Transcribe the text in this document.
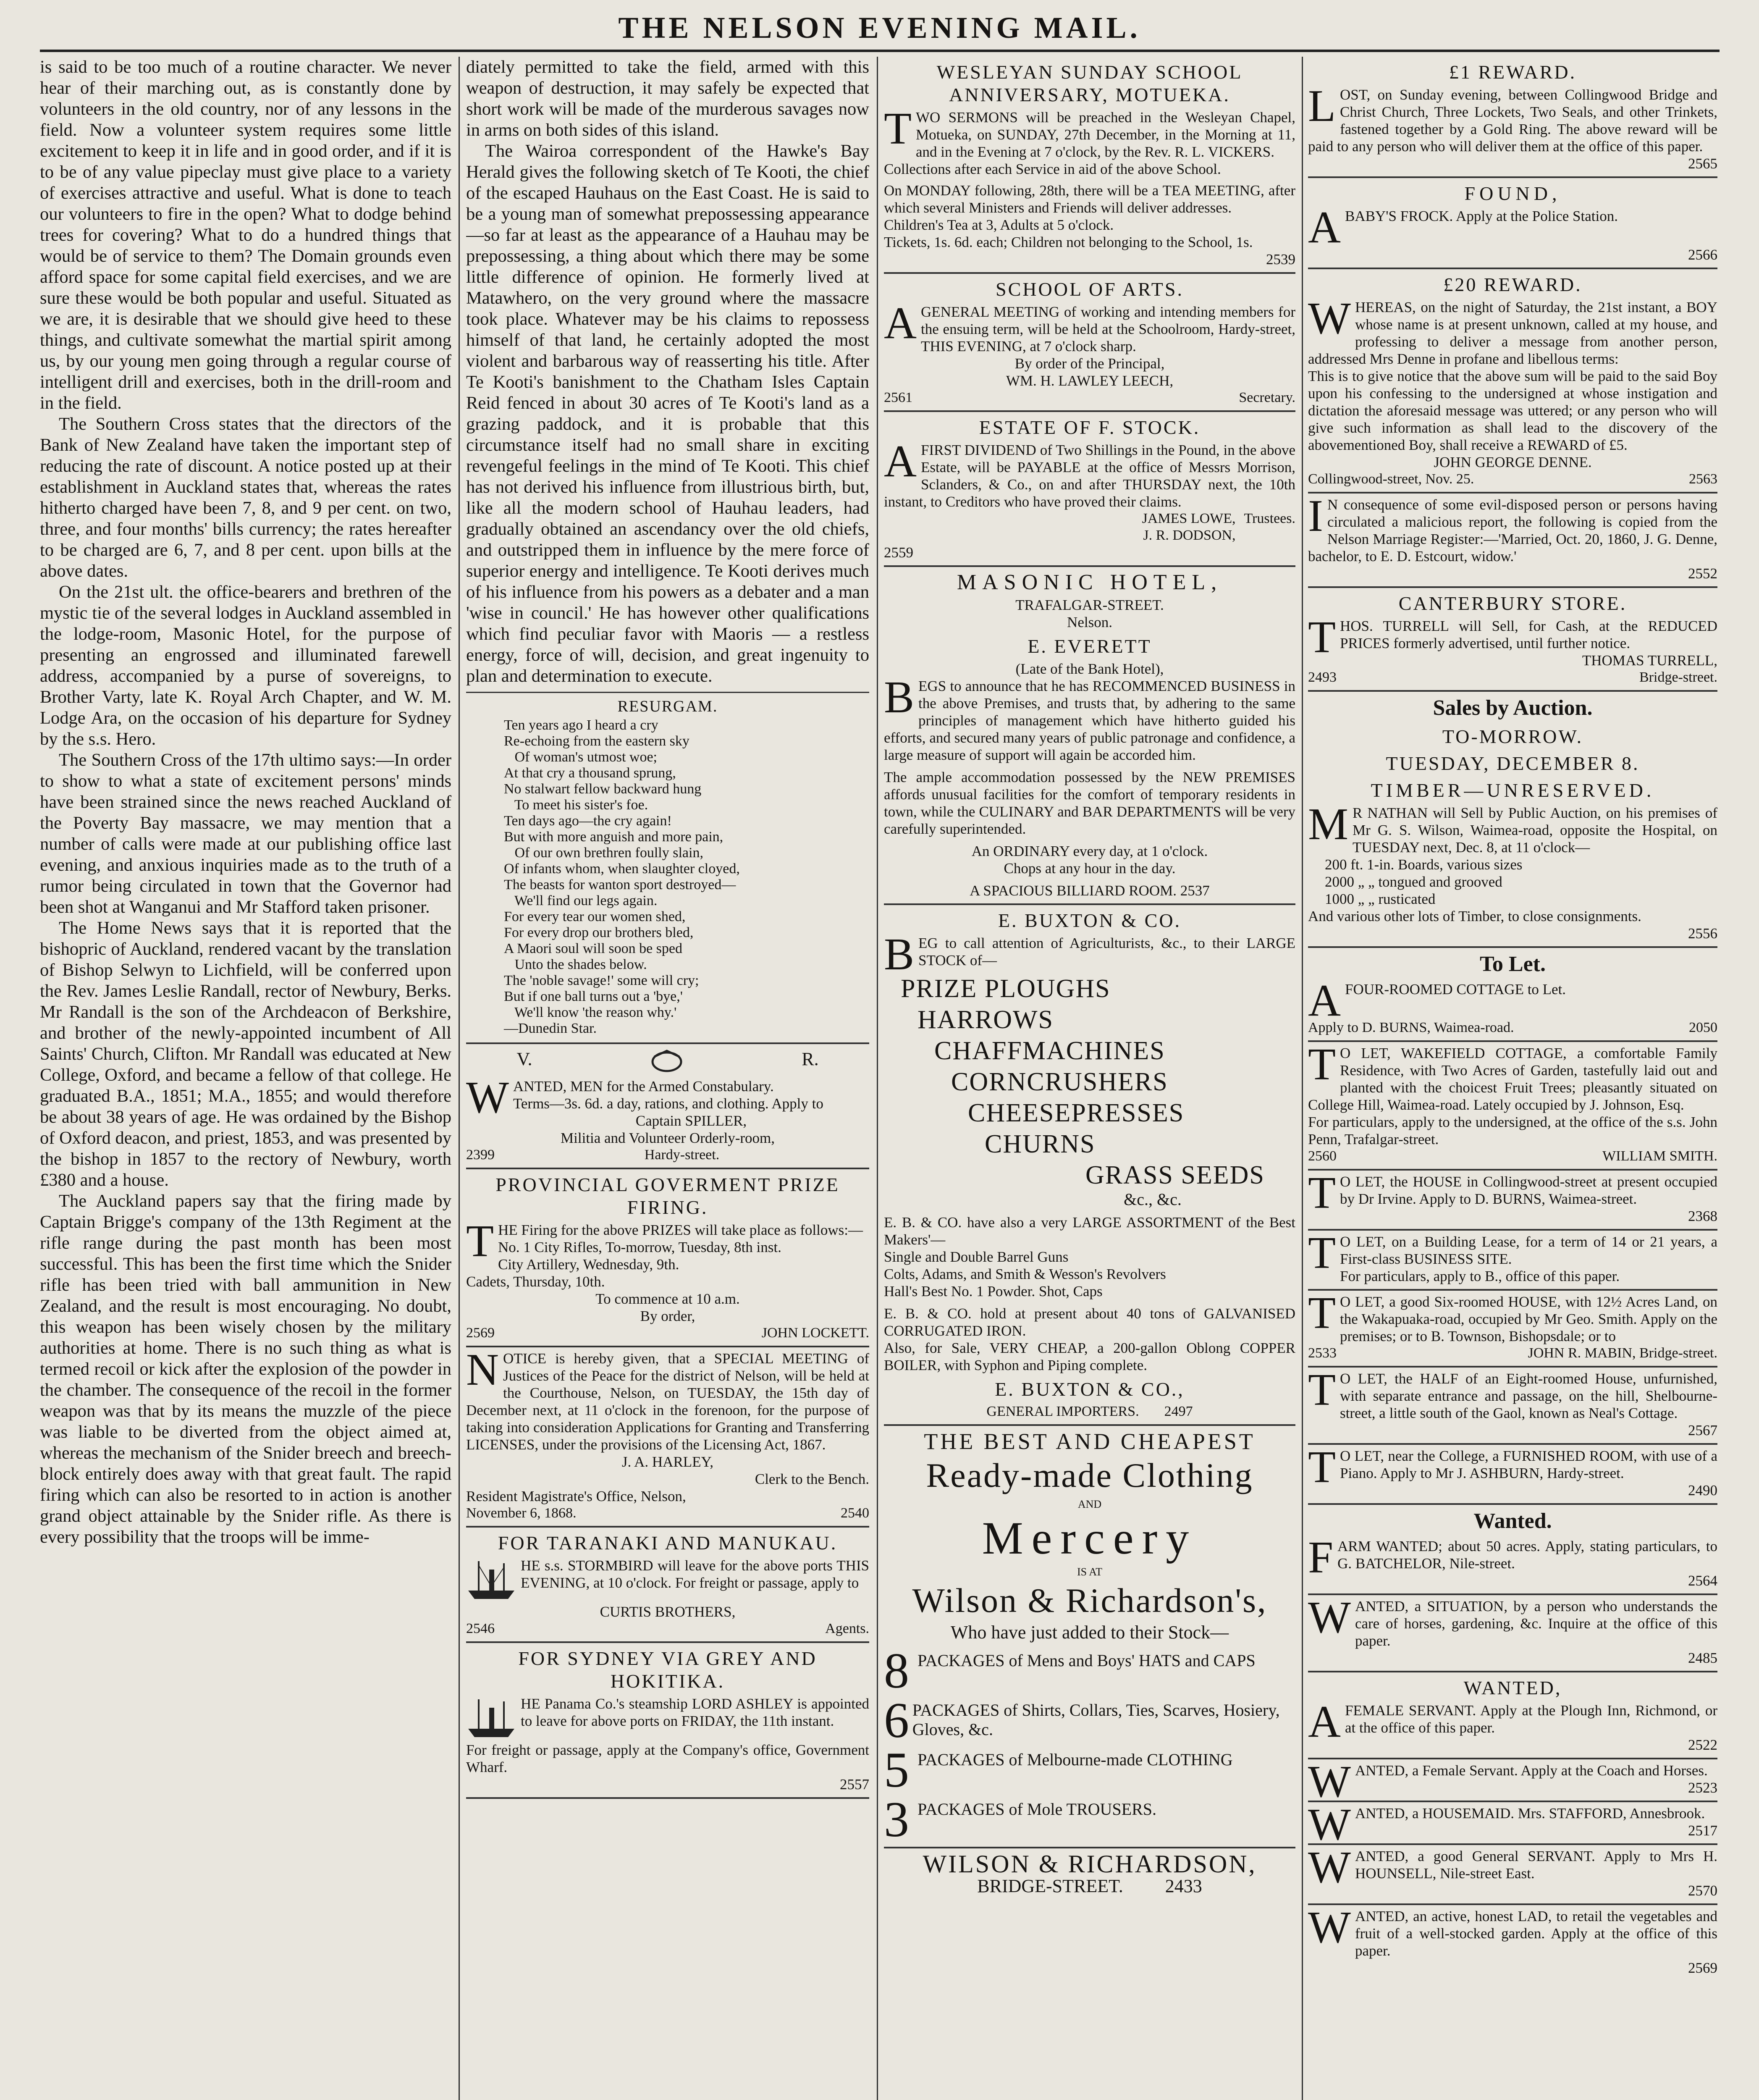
THE NELSON EVENING MAIL.

is said to be too much of a routine character. We never hear of their marching out, as is constantly done by volunteers in the old country, nor of any lessons in the field. Now a volunteer system requires some little excitement to keep it in life and in good order, and if it is to be of any value pipeclay must give place to a variety of exercises attractive and useful. What is done to teach our volunteers to fire in the open? What to dodge behind trees for covering? What to do a hundred things that would be of service to them? The Domain grounds even afford space for some capital field exercises, and we are sure these would be both popular and useful. Situated as we are, it is desirable that we should give heed to these things, and cultivate somewhat the martial spirit among us, by our young men going through a regular course of intelligent drill and exercises, both in the drill-room and in the field.

The Southern Cross states that the directors of the Bank of New Zealand have taken the important step of reducing the rate of discount. A notice posted up at their establishment in Auckland states that, whereas the rates hitherto charged have been 7, 8, and 9 per cent. on two, three, and four months' bills currency; the rates hereafter to be charged are 6, 7, and 8 per cent. upon bills at the above dates.

On the 21st ult. the office-bearers and brethren of the mystic tie of the several lodges in Auckland assembled in the lodge-room, Masonic Hotel, for the purpose of presenting an engrossed and illuminated farewell address, accompanied by a purse of sovereigns, to Brother Varty, late K. Royal Arch Chapter, and W. M. Lodge Ara, on the occasion of his departure for Sydney by the s.s. Hero.

The Southern Cross of the 17th ultimo says:—In order to show to what a state of excitement persons' minds have been strained since the news reached Auckland of the Poverty Bay massacre, we may mention that a number of calls were made at our publishing office last evening, and anxious inquiries made as to the truth of a rumor being circulated in town that the Governor had been shot at Wanganui and Mr Stafford taken prisoner.

The Home News says that it is reported that the bishopric of Auckland, rendered vacant by the translation of Bishop Selwyn to Lichfield, will be conferred upon the Rev. James Leslie Randall, rector of Newbury, Berks. Mr Randall is the son of the Archdeacon of Berkshire, and brother of the newly-appointed incumbent of All Saints' Church, Clifton. Mr Randall was educated at New College, Oxford, and became a fellow of that college. He graduated B.A., 1851; M.A., 1855; and would therefore be about 38 years of age. He was ordained by the Bishop of Oxford deacon, and priest, 1853, and was presented by the bishop in 1857 to the rectory of Newbury, worth £380 and a house.

The Auckland papers say that the firing made by Captain Brigge's company of the 13th Regiment at the rifle range during the past month has been most successful. This has been the first time which the Snider rifle has been tried with ball ammunition in New Zealand, and the result is most encouraging. No doubt, this weapon has been wisely chosen by the military authorities at home. There is no such thing as what is termed recoil or kick after the explosion of the powder in the chamber. The consequence of the recoil in the former weapon was that by its means the muzzle of the piece was liable to be diverted from the object aimed at, whereas the mechanism of the Snider breech and breech-block entirely does away with that great fault. The rapid firing which can also be resorted to in action is another grand object attainable by the Snider rifle. As there is every possibility that the troops will be imme-

diately permitted to take the field, armed with this weapon of destruction, it may safely be expected that short work will be made of the murderous savages now in arms on both sides of this island.

The Wairoa correspondent of the Hawke's Bay Herald gives the following sketch of Te Kooti, the chief of the escaped Hauhaus on the East Coast. He is said to be a young man of somewhat prepossessing appearance—so far at least as the appearance of a Hauhau may be prepossessing, a thing about which there may be some little difference of opinion. He formerly lived at Matawhero, on the very ground where the massacre took place. Whatever may be his claims to repossess himself of that land, he certainly adopted the most violent and barbarous way of reasserting his title. After Te Kooti's banishment to the Chatham Isles Captain Reid fenced in about 30 acres of Te Kooti's land as a grazing paddock, and it is probable that this circumstance itself had no small share in exciting revengeful feelings in the mind of Te Kooti. This chief has not derived his influence from illustrious birth, but, like all the modern school of Hauhau leaders, had gradually obtained an ascendancy over the old chiefs, and outstripped them in influence by the mere force of superior energy and intelligence. Te Kooti derives much of his influence from his powers as a debater and a man 'wise in council.' He has however other qualifications which find peculiar favor with Maoris — a restless energy, force of will, decision, and great ingenuity to plan and determination to execute.

RESURGAM.
Ten years ago I heard a cry
Re-echoing from the eastern sky
Of woman's utmost woe;
At that cry a thousand sprung,
No stalwart fellow backward hung
To meet his sister's foe.
Ten days ago—the cry again!
But with more anguish and more pain,
Of our own brethren foully slain,
Of infants whom, when slaughter cloyed,
The beasts for wanton sport destroyed—
We'll find our legs again.
For every tear our women shed,
For every drop our brothers bled,
A Maori soul will soon be sped
Unto the shades below.
The 'noble savage!' some will cry;
But if one ball turns out a 'bye,'
We'll know 'the reason why.'
—Dunedin Star.
V.	R.

WANTED, MEN for the Armed Constabulary.

Terms—3s. 6d. a day, rations, and clothing. Apply to

Captain SPILLER,

Militia and Volunteer Orderly-room,

2399	Hardy-street.
PROVINCIAL GOVERMENT PRIZE FIRING.

THE Firing for the above PRIZES will take place as follows:—

No. 1 City Rifles, To-morrow, Tuesday, 8th inst.

City Artillery, Wednesday, 9th.

Cadets, Thursday, 10th.

To commence at 10 a.m.

By order,

2569	JOHN LOCKETT.

NOTICE is hereby given, that a SPECIAL MEETING of Justices of the Peace for the district of Nelson, will be held at the Courthouse, Nelson, on TUESDAY, the 15th day of December next, at 11 o'clock in the forenoon, for the purpose of taking into consideration Applications for Granting and Transferring LICENSES, under the provisions of the Licensing Act, 1867.

J. A. HARLEY,

Clerk to the Bench.

Resident Magistrate's Office, Nelson,

November 6, 1868.	2540
FOR TARANAKI AND MANUKAU.

HE s.s. STORMBIRD will leave for the above ports THIS EVENING, at 10 o'clock. For freight or passage, apply to

CURTIS BROTHERS,

2546	Agents.
FOR SYDNEY VIA GREY AND HOKITIKA.

HE Panama Co.'s steamship LORD ASHLEY is appointed to leave for above ports on FRIDAY, the 11th instant.

For freight or passage, apply at the Company's office, Government Wharf.

2557

WESLEYAN SUNDAY SCHOOL ANNIVERSARY, MOTUEKA.

TWO SERMONS will be preached in the Wesleyan Chapel, Motueka, on SUNDAY, 27th December, in the Morning at 11, and in the Evening at 7 o'clock, by the Rev. R. L. VICKERS.

Collections after each Service in aid of the above School.

On MONDAY following, 28th, there will be a TEA MEETING, after which several Ministers and Friends will deliver addresses.

Children's Tea at 3, Adults at 5 o'clock.

Tickets, 1s. 6d. each; Children not belonging to the School, 1s.

2539

SCHOOL OF ARTS.

AGENERAL MEETING of working and intending members for the ensuing term, will be held at the Schoolroom, Hardy-street, THIS EVENING, at 7 o'clock sharp.

By order of the Principal,

WM. H. LAWLEY LEECH,

2561	Secretary.
ESTATE OF F. STOCK.

AFIRST DIVIDEND of Two Shillings in the Pound, in the above Estate, will be PAYABLE at the office of Messrs Morrison, Sclanders, & Co., on and after THURSDAY next, the 10th instant, to Creditors who have proved their claims.

JAMES LOWE,
J. R. DODSON,
Trustees.

2559

MASONIC HOTEL,

TRAFALGAR-STREET.

Nelson.

E. EVERETT

(Late of the Bank Hotel),

BEGS to announce that he has RECOMMENCED BUSINESS in the above Premises, and trusts that, by adhering to the same principles of management which have hitherto guided his efforts, and secured many years of public patronage and confidence, a large measure of support will again be accorded him.

The ample accommodation possessed by the NEW PREMISES affords unusual facilities for the comfort of temporary residents in town, while the CULINARY and BAR DEPARTMENTS will be very carefully superintended.

An ORDINARY every day, at 1 o'clock.

Chops at any hour in the day.

A SPACIOUS BILLIARD ROOM. 2537

E. BUXTON & CO.

BEG to call attention of Agriculturists, &c., to their LARGE STOCK of—

PRIZE PLOUGHS
HARROWS
CHAFFMACHINES
CORNCRUSHERS
CHEESEPRESSES
CHURNS
GRASS SEEDS
&c., &c.

E. B. & CO. have also a very LARGE ASSORTMENT of the Best Makers'—

Single and Double Barrel Guns

Colts, Adams, and Smith & Wesson's Revolvers

Hall's Best No. 1 Powder. Shot, Caps

E. B. & CO. hold at present about 40 tons of GALVANISED CORRUGATED IRON.

Also, for Sale, VERY CHEAP, a 200-gallon Oblong COPPER BOILER, with Syphon and Piping complete.

E. BUXTON & CO.,
GENERAL IMPORTERS. 2497
THE BEST AND CHEAPEST
Ready-made Clothing

AND

Mercery

IS AT

Wilson & Richardson's,

Who have just added to their Stock—

8 PACKAGES of Mens and Boys' HATS and CAPS
6 PACKAGES of Shirts, Collars, Ties, Scarves, Hosiery, Gloves, &c.
5 PACKAGES of Melbourne-made CLOTHING
3 PACKAGES of Mole TROUSERS.
WILSON & RICHARDSON,
BRIDGE-STREET. 2433
£1 REWARD.

LOST, on Sunday evening, between Collingwood Bridge and Christ Church, Three Lockets, Two Seals, and other Trinkets, fastened together by a Gold Ring. The above reward will be paid to any person who will deliver them at the office of this paper.

2565

FOUND,

ABABY'S FROCK. Apply at the Police Station.

2566

£20 REWARD.

WHEREAS, on the night of Saturday, the 21st instant, a BOY whose name is at present unknown, called at my house, and professing to deliver a message from another person, addressed Mrs Denne in profane and libellous terms:

This is to give notice that the above sum will be paid to the said Boy upon his confessing to the undersigned at whose instigation and dictation the aforesaid message was uttered; or any person who will give such information as shall lead to the discovery of the abovementioned Boy, shall receive a REWARD of £5.

JOHN GEORGE DENNE.

Collingwood-street, Nov. 25.	2563

I N consequence of some evil-disposed person or persons having circulated a malicious report, the following is copied from the Nelson Marriage Register:—'Married, Oct. 20, 1860, J. G. Denne, bachelor, to E. D. Estcourt, widow.'

2552

CANTERBURY STORE.

THOS. TURRELL will Sell, for Cash, at the REDUCED PRICES formerly advertised, until further notice.

THOMAS TURRELL,

2493	Bridge-street.
Sales by Auction.
TO-MORROW.
TUESDAY, DECEMBER 8.
TIMBER—UNRESERVED.

M R NATHAN will Sell by Public Auction, on his premises of Mr G. S. Wilson, Waimea-road, opposite the Hospital, on TUESDAY next, Dec. 8, at 11 o'clock—

200 ft. 1-in. Boards, various sizes

2000 „ „ tongued and grooved

1000 „ „ rusticated

And various other lots of Timber, to close consignments.

2556

To Let.

AFOUR-ROOMED COTTAGE to Let.

Apply to D. BURNS, Waimea-road.	2050

T O LET, WAKEFIELD COTTAGE, a comfortable Family Residence, with Two Acres of Garden, tastefully laid out and planted with the choicest Fruit Trees; pleasantly situated on College Hill, Waimea-road. Lately occupied by J. Johnson, Esq.

For particulars, apply to the undersigned, at the office of the s.s. John Penn, Trafalgar-street.

2560	WILLIAM SMITH.

T O LET, the HOUSE in Collingwood-street at present occupied by Dr Irvine. Apply to D. BURNS, Waimea-street.

2368

T O LET, on a Building Lease, for a term of 14 or 21 years, a First-class BUSINESS SITE.

For particulars, apply to B., office of this paper.

T O LET, a good Six-roomed HOUSE, with 12½ Acres Land, on the Wakapuaka-road, occupied by Mr Geo. Smith. Apply on the premises; or to B. Townson, Bishopsdale; or to

2533	JOHN R. MABIN, Bridge-street.

T O LET, the HALF of an Eight-roomed House, unfurnished, with separate entrance and passage, on the hill, Shelbourne-street, a little south of the Gaol, known as Neal's Cottage.

2567

T O LET, near the College, a FURNISHED ROOM, with use of a Piano. Apply to Mr J. ASHBURN, Hardy-street.

2490

Wanted.

FARM WANTED; about 50 acres. Apply, stating particulars, to G. BATCHELOR, Nile-street.

2564

WANTED, a SITUATION, by a person who understands the care of horses, gardening, &c. Inquire at the office of this paper.

2485

WANTED,

AFEMALE SERVANT. Apply at the Plough Inn, Richmond, or at the office of this paper.

2522

WANTED, a Female Servant. Apply at the Coach and Horses.

2523

WANTED, a HOUSEMAID. Mrs. STAFFORD, Annesbrook.

2517

WANTED, a good General SERVANT. Apply to Mrs H. HOUNSELL, Nile-street East.

2570

WANTED, an active, honest LAD, to retail the vegetables and fruit of a well-stocked garden. Apply at the office of this paper.

2569
